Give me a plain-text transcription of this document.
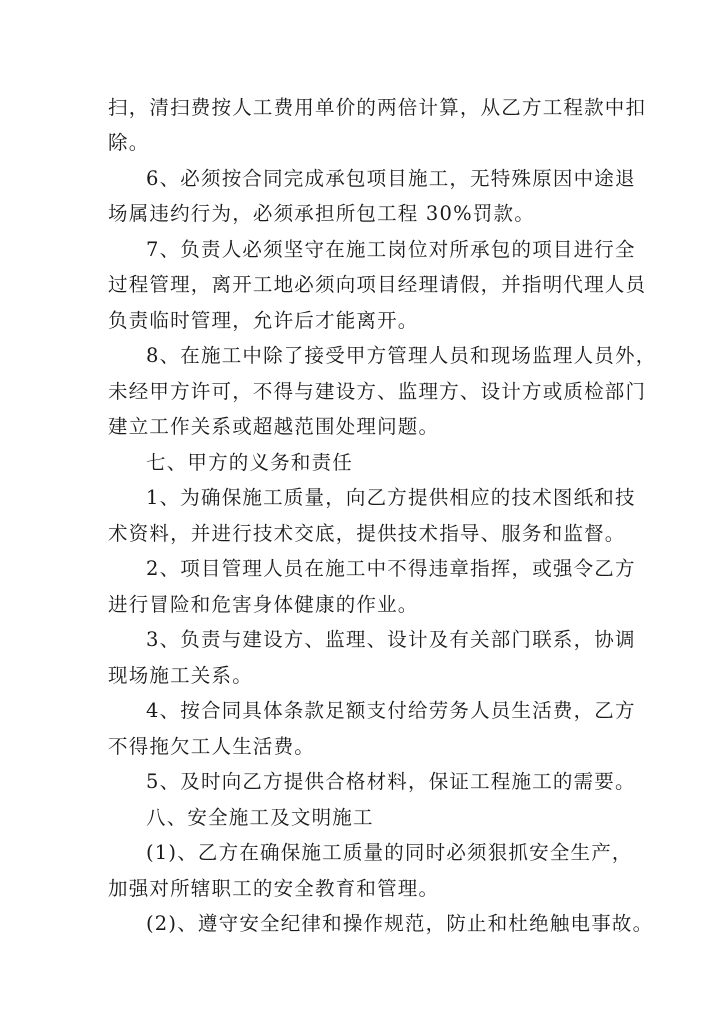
扫，清扫费按人工费用单价的两倍计算，从乙方工程款中扣
除。
6、必须按合同完成承包项目施工，无特殊原因中途退
场属违约行为，必须承担所包工程 30%罚款。
7、负责人必须坚守在施工岗位对所承包的项目进行全
过程管理，离开工地必须向项目经理请假，并指明代理人员
负责临时管理，允许后才能离开。
8、在施工中除了接受甲方管理人员和现场监理人员外，
未经甲方许可，不得与建设方、监理方、设计方或质检部门
建立工作关系或超越范围处理问题。
七、甲方的义务和责任
1、为确保施工质量，向乙方提供相应的技术图纸和技
术资料，并进行技术交底，提供技术指导、服务和监督。
2、项目管理人员在施工中不得违章指挥，或强令乙方
进行冒险和危害身体健康的作业。
3、负责与建设方、监理、设计及有关部门联系，协调
现场施工关系。
4、按合同具体条款足额支付给劳务人员生活费，乙方
不得拖欠工人生活费。
5、及时向乙方提供合格材料，保证工程施工的需要。
八、安全施工及文明施工
(1)、乙方在确保施工质量的同时必须狠抓安全生产，
加强对所辖职工的安全教育和管理。
(2)、遵守安全纪律和操作规范，防止和杜绝触电事故。
